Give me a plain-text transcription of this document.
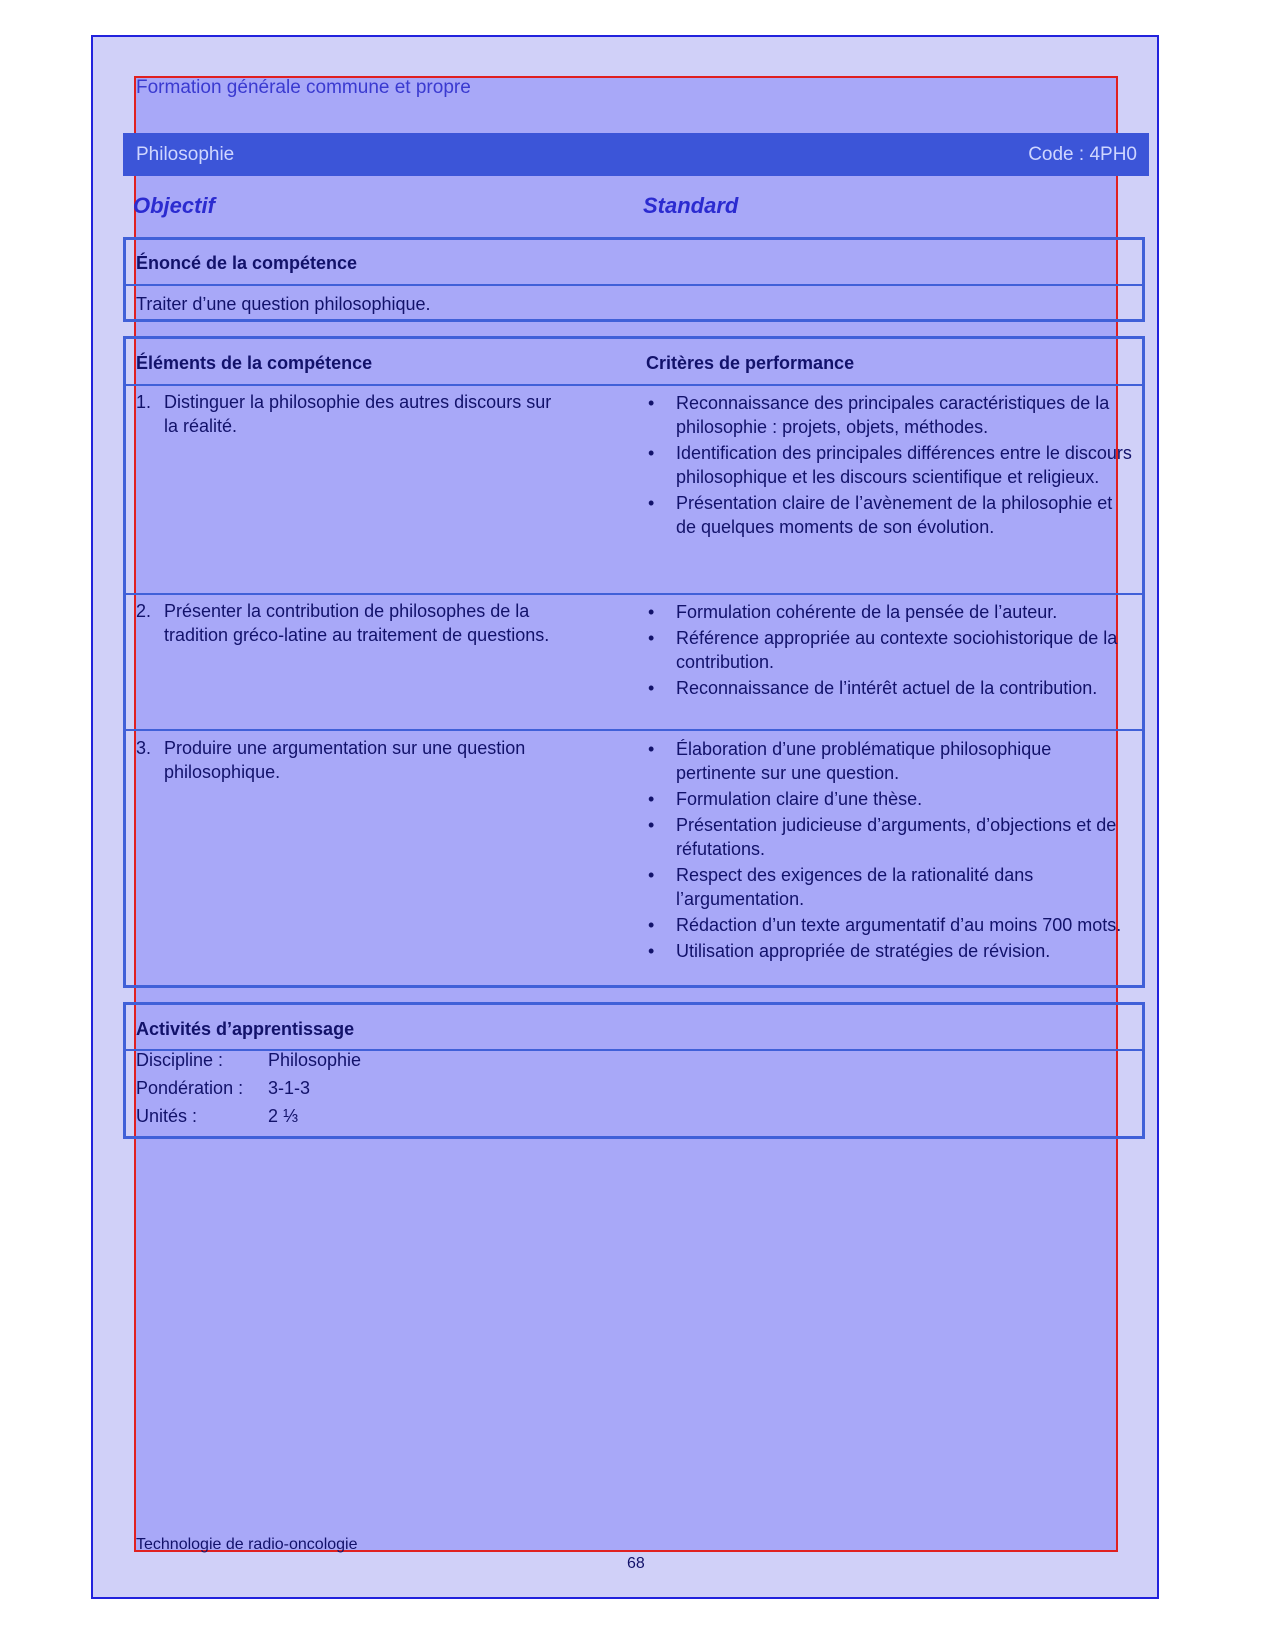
Formation générale commune et propre
Philosophie	Code : 4PH0
Objectif	Standard
Énoncé de la compétence
Traiter d’une question philosophique.
Éléments de la compétence	Critères de performance
1. Distinguer la philosophie des autres discours sur
la réalité.
• Reconnaissance des principales caractéristiques de la philosophie : projets, objets, méthodes.
• Identification des principales différences entre le discours philosophique et les discours scientifique et religieux.
• Présentation claire de l’avènement de la philosophie et de quelques moments de son évolution.
2. Présenter la contribution de philosophes de la
tradition gréco-latine au traitement de questions.
• Formulation cohérente de la pensée de l’auteur.
• Référence appropriée au contexte sociohistorique de la contribution.
• Reconnaissance de l’intérêt actuel de la contribution.
3. Produire une argumentation sur une question
philosophique.
• Élaboration d’une problématique philosophique pertinente sur une question.
• Formulation claire d’une thèse.
• Présentation judicieuse d’arguments, d’objections et de réfutations.
• Respect des exigences de la rationalité dans l’argumentation.
• Rédaction d’un texte argumentatif d’au moins 700 mots.
• Utilisation appropriée de stratégies de révision.
Activités d’apprentissage
Discipline : Philosophie
Pondération : 3-1-3
Unités :	2 ⅓
Technologie de radio-oncologie
68
